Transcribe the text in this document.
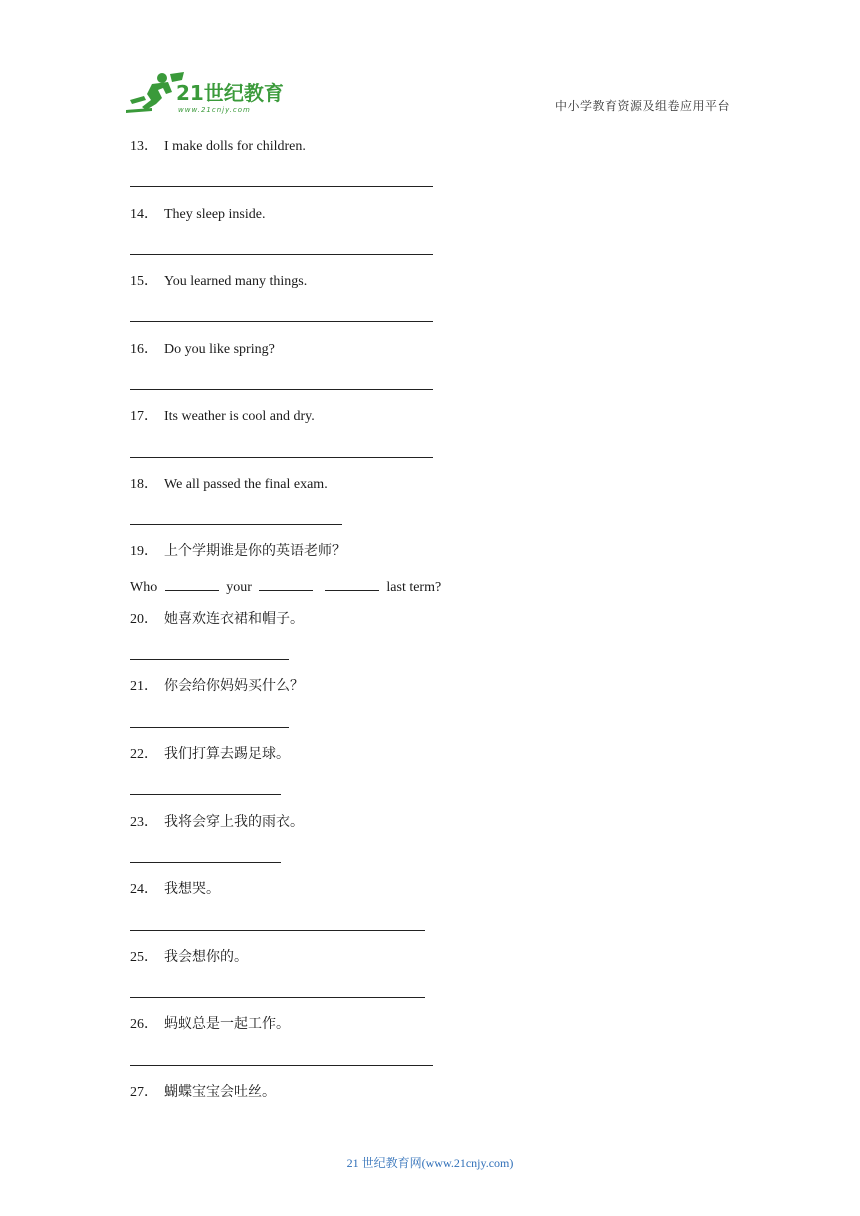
21世纪教育
www.21cnjy.com	中小学教育资源及组卷应用平台
13． I make dolls for children.
14． They sleep inside.
15． You learned many things.
16． Do you like spring?
17． Its weather is cool and dry.
18． We all passed the final exam.
19． 上个学期谁是你的英语老师？
Who	your	last term?
20． 她喜欢连衣裙和帽子。
21． 你会给你妈妈买什么？
22． 我们打算去踢足球。
23． 我将会穿上我的雨衣。
24． 我想哭。
25． 我会想你的。
26． 蚂蚁总是一起工作。
27． 蝴蝶宝宝会吐丝。
21 世纪教育网(www.21cnjy.com)
